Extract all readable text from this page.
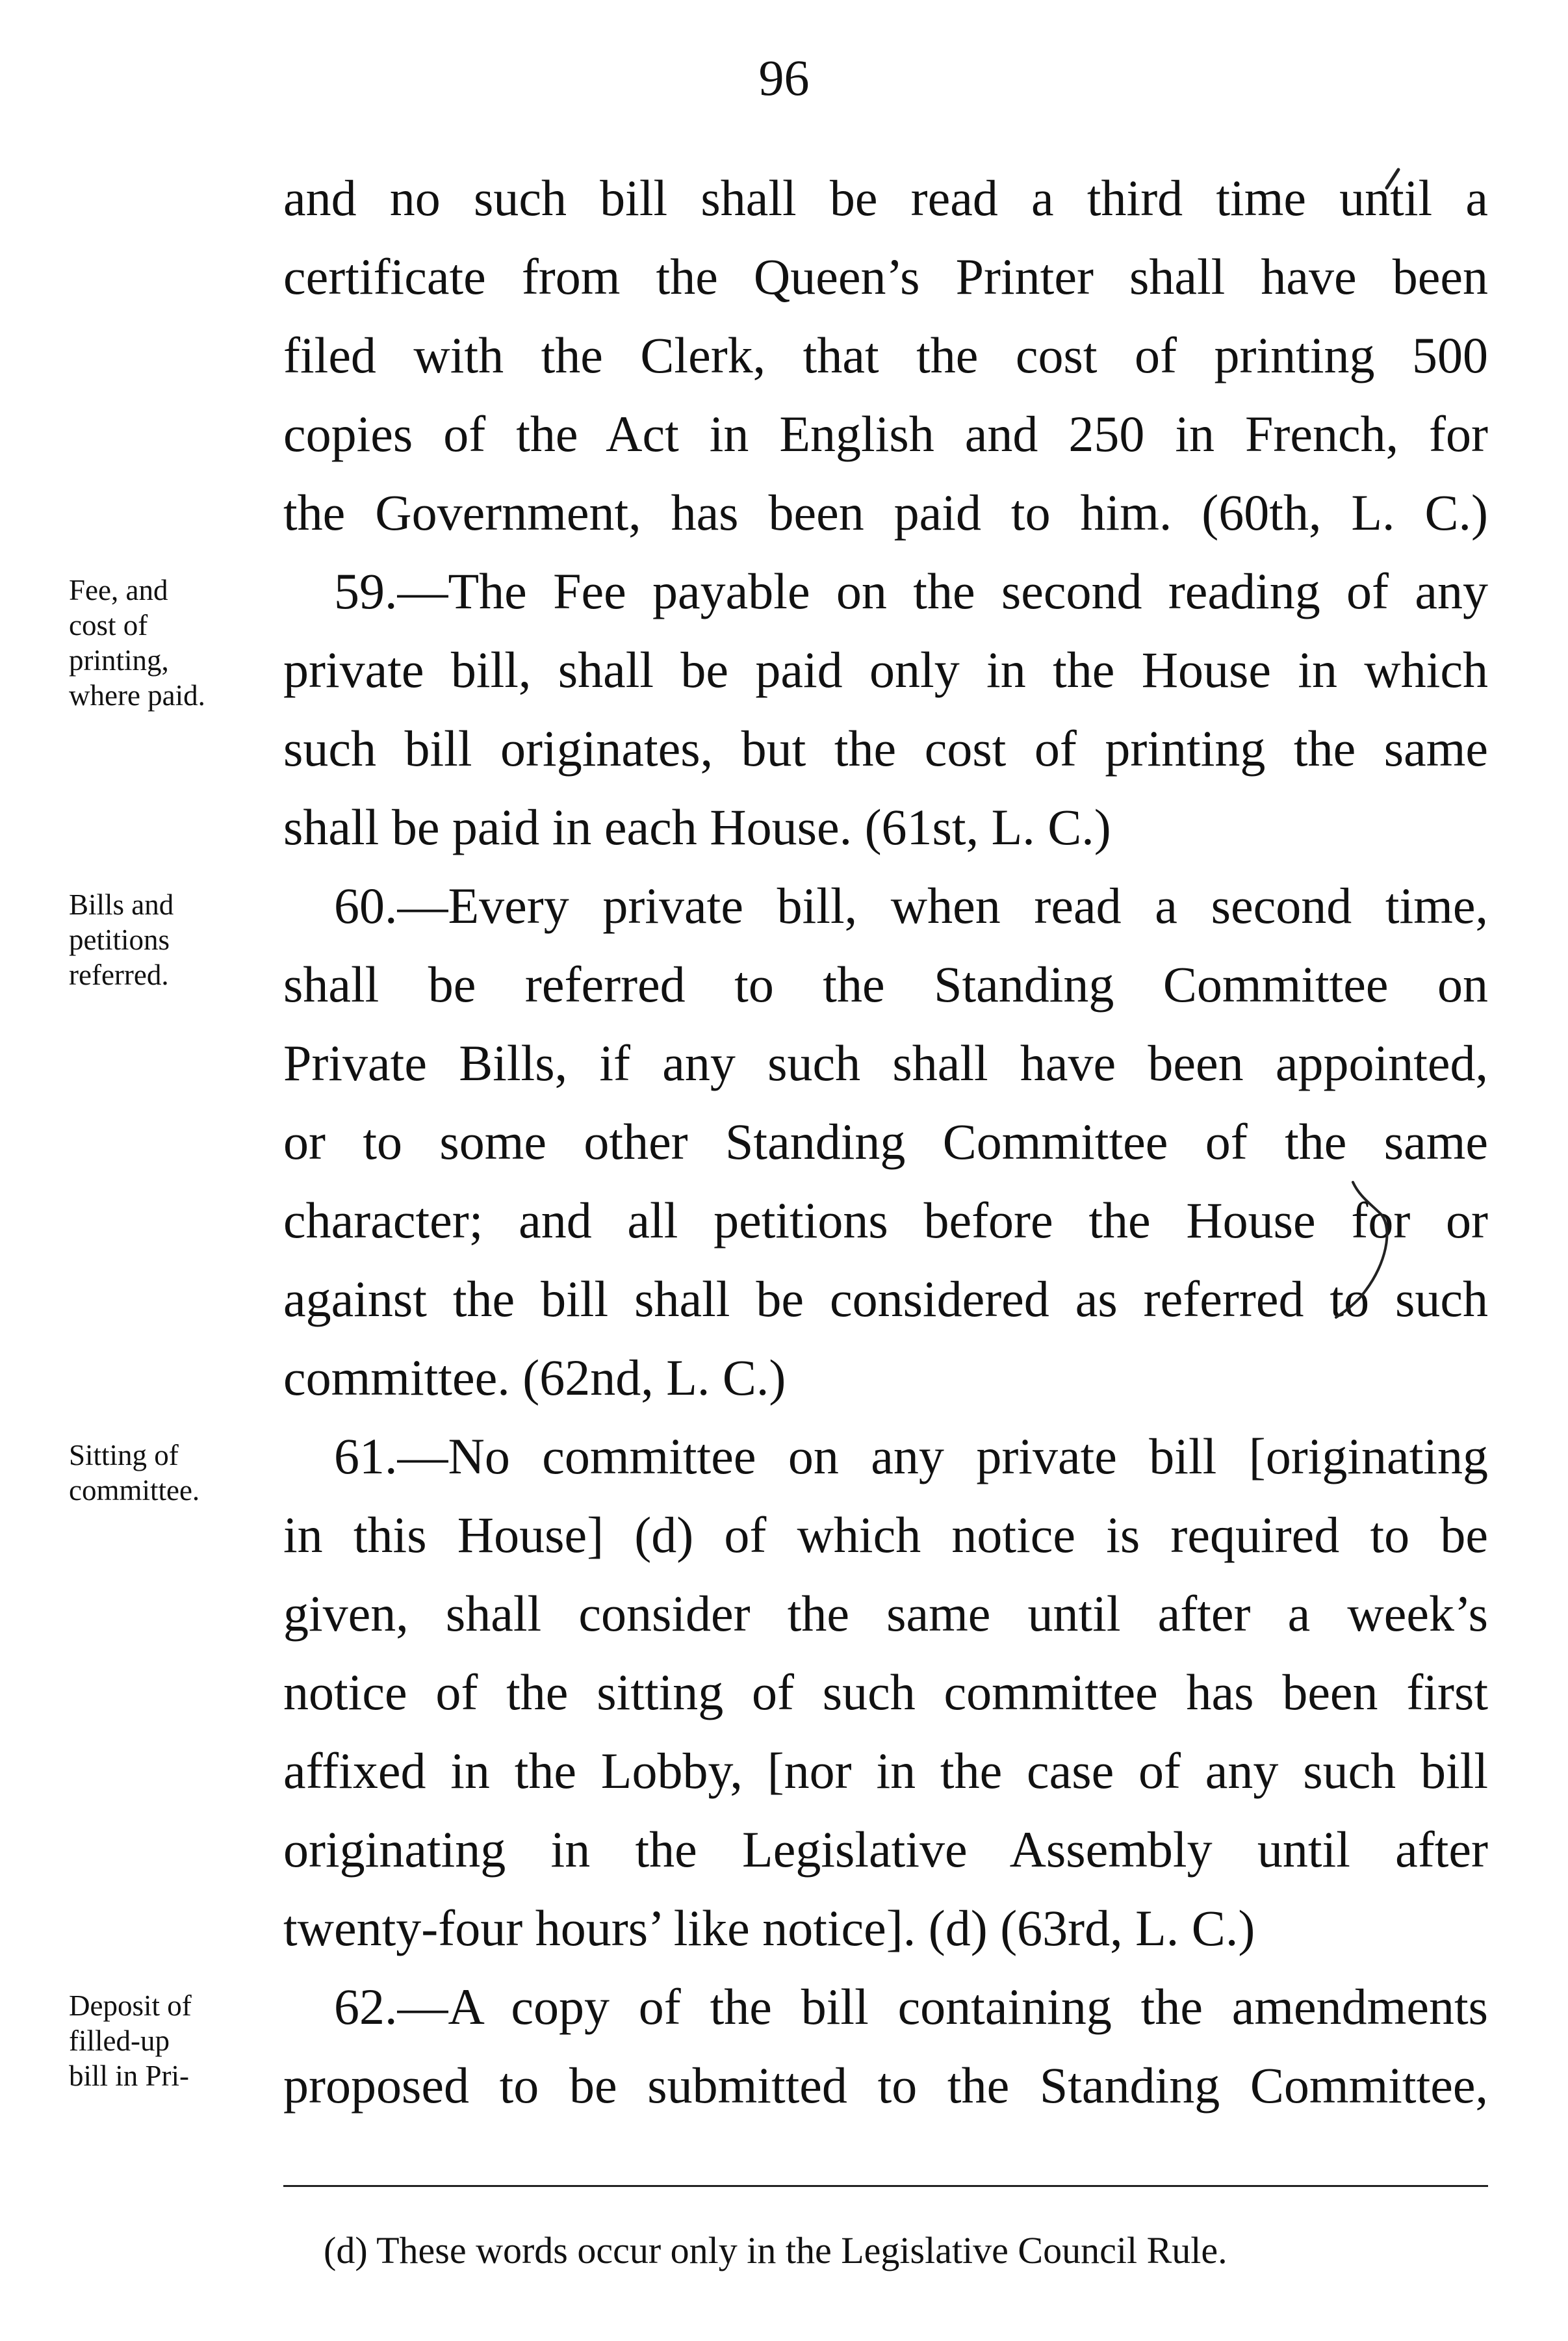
96
and no such bill shall be read a third time until a
certificate from the Queen’s Printer shall have been
filed with the Clerk, that the cost of printing 500
copies of the Act in English and 250 in French, for
the Government, has been paid to him. (60th, L. C.)
59.—The Fee payable on the second reading of any
private bill, shall be paid only in the House in which
such bill originates, but the cost of printing the same
shall be paid in each House. (61st, L. C.)
60.—Every private bill, when read a second time,
shall be referred to the Standing Committee on
Private Bills, if any such shall have been appointed,
or to some other Standing Committee of the same
character; and all petitions before the House for or
against the bill shall be considered as referred to such
committee. (62nd, L. C.)
61.—No committee on any private bill [originating
in this House] (d) of which notice is required to be
given, shall consider the same until after a week’s
notice of the sitting of such committee has been first
affixed in the Lobby, [nor in the case of any such bill
originating in the Legislative Assembly until after
twenty-four hours’ like notice]. (d) (63rd, L. C.)
62.—A copy of the bill containing the amendments
proposed to be submitted to the Standing Committee,
Fee, and
cost of
printing,
where paid.
Bills and
petitions
referred.
Sitting of
committee.
Deposit of
filled-up
bill in Pri-
(d) These words occur only in the Legislative Council Rule.
